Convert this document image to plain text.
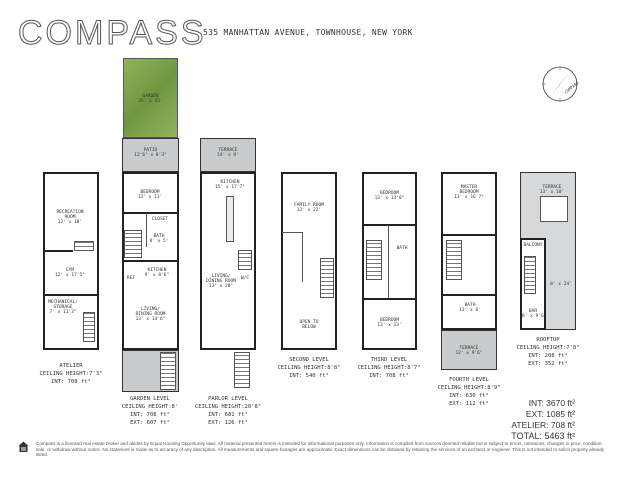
COMPASS
535 MANHATTAN AVENUE, TOWNHOUSE, NEW YORK
COMPASS
GARDEN
35' x 15'
PATIO
12'6" x 8'3"
RECREATION
ROOM
12' x 18'
GYM
12' x 17'5"
MECHANICAL/
STORAGE
7' x 11'3"
BEDROOM
13' x 11'
CLOSET
BATH
8' x 5'
KITCHEN
9' x 8'6"
REF
LIVING/
DINING ROOM
13' x 14'6"
TERRACE
14' x 9'
KITCHEN
15' x 17'7"
W/C
LIVING/
DINING ROOM
13' x 20'
FAMILY ROOM
13' x 22'
OPEN TO
BELOW
BEDROOM
13' x 13'8"
BATH
BEDROOM
13' x 13'
MASTER
BEDROOM
13' x 16'7"
BATH
13' x 8'
TERRACE
12' x 9'6"
TERRACE
13' x 18'
8' x 24'
BALCONY
BAR
8' x 9'6"
ATELIER
CEILING HEIGHT:7'3"
INT: 708 ft²
GARDEN LEVEL
CEILING HEIGHT:8'
INT: 708 ft²
EXT: 607 ft²
PARLOR LEVEL
CEILING HEIGHT:20'8"
INT: 681 ft²
EXT: 126 ft²
SECOND LEVEL
CEILING HEIGHT:8'8"
INT: 540 ft²
THIRD LEVEL
CEILING HEIGHT:8'7"
INT: 708 ft²
FOURTH LEVEL
CEILING HEIGHT:8'9"
INT: 630 ft²
EXT: 112 ft²
ROOFTOP
CEILING HEIGHT:7'8"
INT: 208 ft²
EXT: 352 ft²
INT: 3670 ft²
EXT: 1085 ft²
ATELIER: 708 ft²
TOTAL: 5463 ft²
Compass is a licensed real estate broker and abides by Equal Housing Opportunity laws. All material presented herein is intended for informational purposes only. Information is compiled from sources deemed reliable but is subject to errors, omissions, changes in price, condition, sale, or withdraw without notice. No statement is made as to accuracy of any description. All measurements and square footages are approximate. Exact dimensions can be obtained by retaining the services of an architect or engineer. This is not intended to solicit property already listed.
